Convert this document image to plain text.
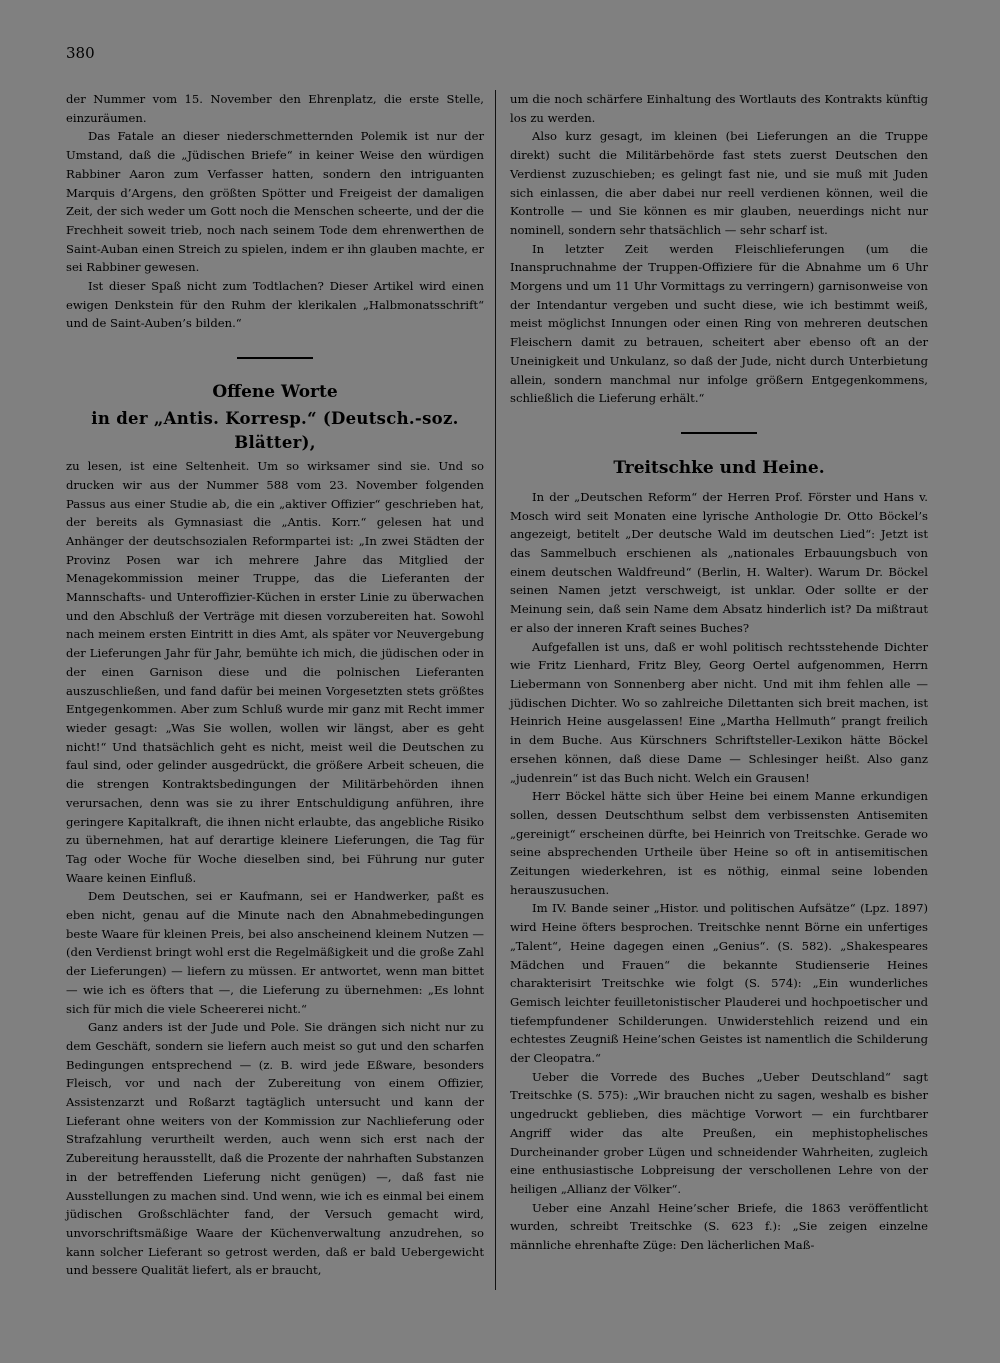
380

der Nummer vom 15. November den Ehrenplatz, die erste Stelle, einzuräumen.

Das Fatale an dieser niederschmetternden Polemik ist nur der Umstand, daß die „Jüdischen Briefe“ in keiner Weise den würdigen Rabbiner Aaron zum Verfasser hatten, sondern den intriguanten Marquis d’Argens, den größten Spötter und Freigeist der damaligen Zeit, der sich weder um Gott noch die Menschen scheerte, und der die Frechheit soweit trieb, noch nach seinem Tode dem ehrenwerthen de Saint-Auban einen Streich zu spielen, indem er ihn glauben machte, er sei Rabbiner gewesen.

Ist dieser Spaß nicht zum Todtlachen? Dieser Artikel wird einen ewigen Denkstein für den Ruhm der klerikalen „Halbmonatsschrift“ und de Saint-Auben’s bilden.“

Offene Worte
in der „Antis. Korresp.“ (Deutsch.-soz. Blätter),

zu lesen, ist eine Seltenheit. Um so wirksamer sind sie. Und so drucken wir aus der Nummer 588 vom 23. November folgenden Passus aus einer Studie ab, die ein „aktiver Offizier“ geschrieben hat, der bereits als Gymnasiast die „Antis. Korr.“ gelesen hat und Anhänger der deutschsozialen Reformpartei ist: „In zwei Städten der Provinz Posen war ich mehrere Jahre das Mitglied der Menagekommission meiner Truppe, das die Lieferanten der Mannschafts- und Unteroffizier-Küchen in erster Linie zu überwachen und den Abschluß der Verträge mit diesen vorzubereiten hat. Sowohl nach meinem ersten Eintritt in dies Amt, als später vor Neuvergebung der Lieferungen Jahr für Jahr, bemühte ich mich, die jüdischen oder in der einen Garnison diese und die polnischen Lieferanten auszuschließen, und fand dafür bei meinen Vorgesetzten stets größtes Entgegenkommen. Aber zum Schluß wurde mir ganz mit Recht immer wieder gesagt: „Was Sie wollen, wollen wir längst, aber es geht nicht!“ Und thatsächlich geht es nicht, meist weil die Deutschen zu faul sind, oder gelinder ausgedrückt, die größere Arbeit scheuen, die die strengen Kontraktsbedingungen der Militärbehörden ihnen verursachen, denn was sie zu ihrer Entschuldigung anführen, ihre geringere Kapitalkraft, die ihnen nicht erlaubte, das angebliche Risiko zu übernehmen, hat auf derartige kleinere Lieferungen, die Tag für Tag oder Woche für Woche dieselben sind, bei Führung nur guter Waare keinen Einfluß.

Dem Deutschen, sei er Kaufmann, sei er Handwerker, paßt es eben nicht, genau auf die Minute nach den Abnahmebedingungen beste Waare für kleinen Preis, bei also anscheinend kleinem Nutzen — (den Verdienst bringt wohl erst die Regelmäßigkeit und die große Zahl der Lieferungen) — liefern zu müssen. Er antwortet, wenn man bittet — wie ich es öfters that —, die Lieferung zu übernehmen: „Es lohnt sich für mich die viele Scheererei nicht.“

Ganz anders ist der Jude und Pole. Sie drängen sich nicht nur zu dem Geschäft, sondern sie liefern auch meist so gut und den scharfen Bedingungen entsprechend — (z. B. wird jede Eßware, besonders Fleisch, vor und nach der Zubereitung von einem Offizier, Assistenzarzt und Roßarzt tagtäglich untersucht und kann der Lieferant ohne weiters von der Kommission zur Nachlieferung oder Strafzahlung verurtheilt werden, auch wenn sich erst nach der Zubereitung herausstellt, daß die Prozente der nahrhaften Substanzen in der betreffenden Lieferung nicht genügen) —, daß fast nie Ausstellungen zu machen sind. Und wenn, wie ich es einmal bei einem jüdischen Großschlächter fand, der Versuch gemacht wird, unvorschriftsmäßige Waare der Küchenverwaltung anzudrehen, so kann solcher Lieferant so getrost werden, daß er bald Uebergewicht und bessere Qualität liefert, als er braucht,

um die noch schärfere Einhaltung des Wortlauts des Kontrakts künftig los zu werden.

Also kurz gesagt, im kleinen (bei Lieferungen an die Truppe direkt) sucht die Militärbehörde fast stets zuerst Deutschen den Verdienst zuzuschieben; es gelingt fast nie, und sie muß mit Juden sich einlassen, die aber dabei nur reell verdienen können, weil die Kontrolle — und Sie können es mir glauben, neuerdings nicht nur nominell, sondern sehr thatsächlich — sehr scharf ist.

In letzter Zeit werden Fleischlieferungen (um die Inanspruchnahme der Truppen-Offiziere für die Abnahme um 6 Uhr Morgens und um 11 Uhr Vormittags zu verringern) garnisonweise von der Intendantur vergeben und sucht diese, wie ich bestimmt weiß, meist möglichst Innungen oder einen Ring von mehreren deutschen Fleischern damit zu betrauen, scheitert aber ebenso oft an der Uneinigkeit und Unkulanz, so daß der Jude, nicht durch Unterbietung allein, sondern manchmal nur infolge größern Entgegenkommens, schließlich die Lieferung erhält.“

Treitschke und Heine.

In der „Deutschen Reform“ der Herren Prof. Förster und Hans v. Mosch wird seit Monaten eine lyrische Anthologie Dr. Otto Böckel’s angezeigt, betitelt „Der deutsche Wald im deutschen Lied“: Jetzt ist das Sammelbuch erschienen als „nationales Erbauungsbuch von einem deutschen Waldfreund“ (Berlin, H. Walter). Warum Dr. Böckel seinen Namen jetzt verschweigt, ist unklar. Oder sollte er der Meinung sein, daß sein Name dem Absatz hinderlich ist? Da mißtraut er also der inneren Kraft seines Buches?

Aufgefallen ist uns, daß er wohl politisch rechtsstehende Dichter wie Fritz Lienhard, Fritz Bley, Georg Oertel aufgenommen, Herrn Liebermann von Sonnenberg aber nicht. Und mit ihm fehlen alle — jüdischen Dichter. Wo so zahlreiche Dilettanten sich breit machen, ist Heinrich Heine ausgelassen! Eine „Martha Hellmuth“ prangt freilich in dem Buche. Aus Kürschners Schriftsteller-Lexikon hätte Böckel ersehen können, daß diese Dame — Schlesinger heißt. Also ganz „judenrein“ ist das Buch nicht. Welch ein Grausen!

Herr Böckel hätte sich über Heine bei einem Manne erkundigen sollen, dessen Deutschthum selbst dem verbissensten Antisemiten „gereinigt“ erscheinen dürfte, bei Heinrich von Treitschke. Gerade wo seine absprechenden Urtheile über Heine so oft in antisemitischen Zeitungen wiederkehren, ist es nöthig, einmal seine lobenden herauszusuchen.

Im IV. Bande seiner „Histor. und politischen Aufsätze“ (Lpz. 1897) wird Heine öfters besprochen. Treitschke nennt Börne ein unfertiges „Talent“, Heine dagegen einen „Genius“. (S. 582). „Shakespeares Mädchen und Frauen“ die bekannte Studienserie Heines charakterisirt Treitschke wie folgt (S. 574): „Ein wunderliches Gemisch leichter feuilletonistischer Plauderei und hochpoetischer und tiefempfundener Schilderungen. Unwiderstehlich reizend und ein echtestes Zeugniß Heine’schen Geistes ist namentlich die Schilderung der Cleopatra.“

Ueber die Vorrede des Buches „Ueber Deutschland“ sagt Treitschke (S. 575): „Wir brauchen nicht zu sagen, weshalb es bisher ungedruckt geblieben, dies mächtige Vorwort — ein furchtbarer Angriff wider das alte Preußen, ein mephistophelisches Durcheinander grober Lügen und schneidender Wahrheiten, zugleich eine enthusiastische Lobpreisung der verschollenen Lehre von der heiligen „Allianz der Völker“.

Ueber eine Anzahl Heine’scher Briefe, die 1863 veröffentlicht wurden, schreibt Treitschke (S. 623 f.): „Sie zeigen einzelne männliche ehrenhafte Züge: Den lächerlichen Maß-
